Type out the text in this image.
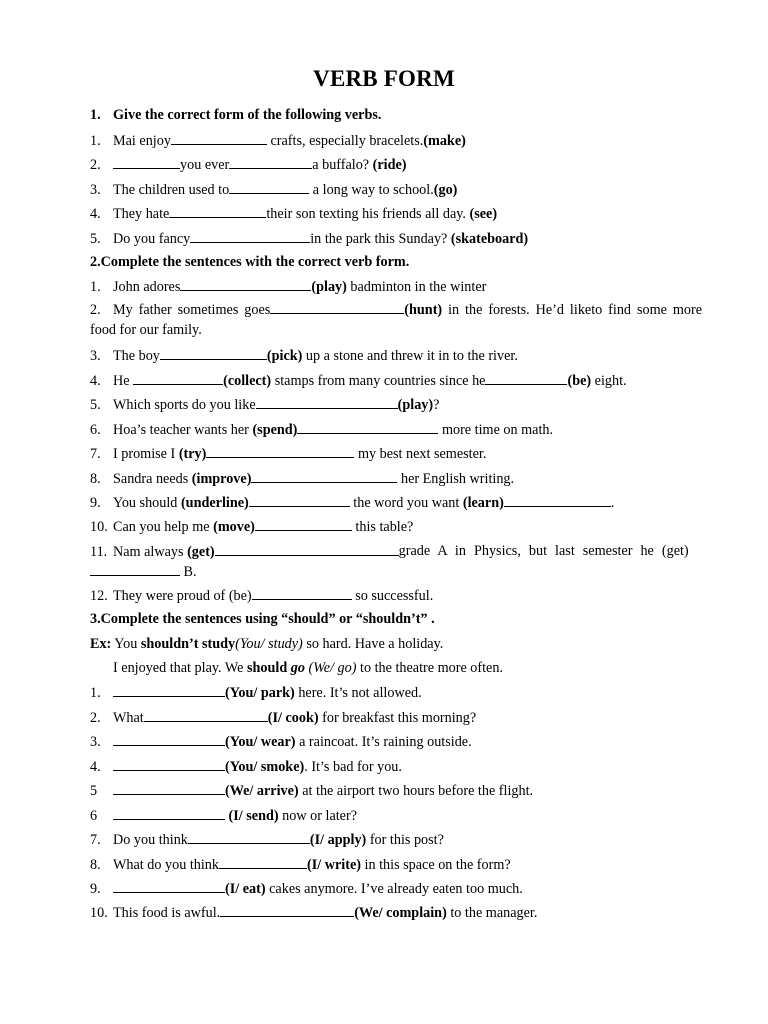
VERB FORM
1. Give the correct form of the following verbs.
1. Mai enjoy	crafts, especially bracelets.(make)
2.	you ever	a buffalo? (ride)
3. The children used to	a long way to school.(go)
4. They hate	their son texting his friends all day. (see)
5. Do you fancy	in the park this Sunday? (skateboard)
2.Complete the sentences with the correct verb form.
1. John adores	(play) badminton in the winter
2. My father sometimes goes	(hunt) in the forests. He’d liketo find some more food for our family.
3. The boy	(pick) up a stone and threw it in to the river.
4. He	(collect) stamps from many countries since he	(be) eight.
5. Which sports do you like	(play)?
6. Hoa’s teacher wants her (spend)	more time on math.
7. I promise I (try)	my best next semester.
8. Sandra needs (improve)	her English writing.
9. You should (underline)	the word you want (learn)	.
10. Can you help me (move)	this table?
11. Nam always (get)	grade A in Physics, but last semester he (get)
B.
12. They were proud of (be)	so successful.
3.Complete the sentences using “should” or “shouldn’t” .
Ex: You shouldn’t study(You/ study) so hard. Have a holiday.
I enjoyed that play. We should go (We/ go) to the theatre more often.
1.	(You/ park) here. It’s not allowed.
2. What	(I/ cook) for breakfast this morning?
3.	(You/ wear) a raincoat. It’s raining outside.
4.	(You/ smoke). It’s bad for you.
5	(We/ arrive) at the airport two hours before the flight.
6	(I/ send) now or later?
7. Do you think	(I/ apply) for this post?
8. What do you think	(I/ write) in this space on the form?
9.	(I/ eat) cakes anymore. I’ve already eaten too much.
10. This food is awful.	(We/ complain) to the manager.
